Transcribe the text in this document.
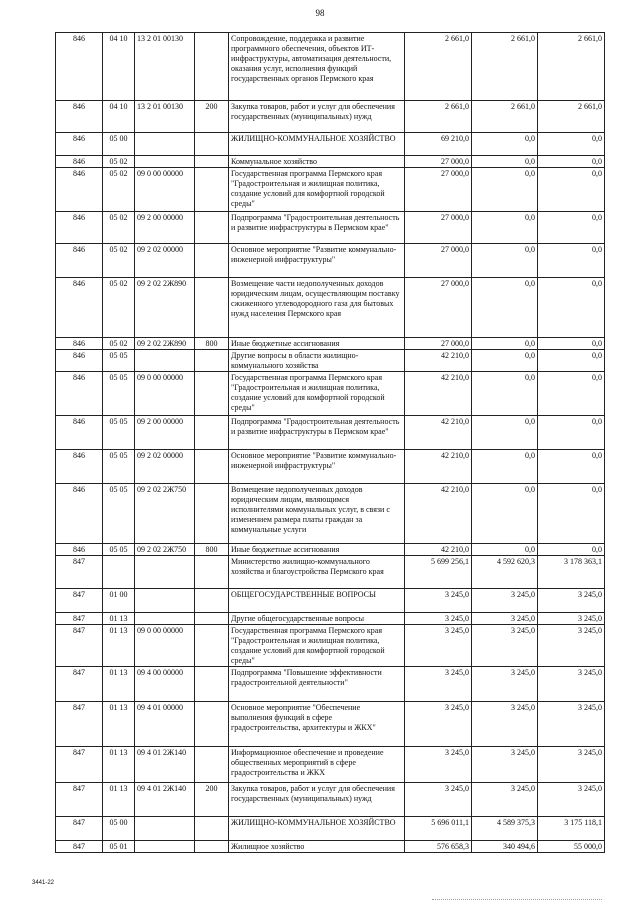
98
846	04 10	13 2 01 00130		Сопровождение, поддержка и развитие программного обеспечения, объектов ИТ-инфраструктуры, автоматизация деятельности, оказания услуг, исполнения функций государственных органов Пермского края	2 661,0	2 661,0	2 661,0
846	04 10	13 2 01 00130	200	Закупка товаров, работ и услуг для обеспечения государственных (муниципальных) нужд	2 661,0	2 661,0	2 661,0
846	05 00			ЖИЛИЩНО-КОММУНАЛЬНОЕ ХОЗЯЙСТВО	69 210,0	0,0	0,0
846	05 02			Коммунальное хозяйство	27 000,0	0,0	0,0
846	05 02	09 0 00 00000		Государственная программа Пермского края "Градостроительная и жилищная политика, создание условий для комфортной городской среды"	27 000,0	0,0	0,0
846	05 02	09 2 00 00000		Подпрограмма "Градостроительная деятельность и развитие инфраструктуры в Пермском крае"	27 000,0	0,0	0,0
846	05 02	09 2 02 00000		Основное мероприятие "Развитие коммунально-инженерной инфраструктуры"	27 000,0	0,0	0,0
846	05 02	09 2 02 2Ж890		Возмещение части недополученных доходов юридическим лицам, осуществляющим поставку сжиженного углеводородного газа для бытовых нужд населения Пермского края	27 000,0	0,0	0,0
846	05 02	09 2 02 2Ж890	800	Иные бюджетные ассигнования	27 000,0	0,0	0,0
846	05 05			Другие вопросы в области жилищно-коммунального хозяйства	42 210,0	0,0	0,0
846	05 05	09 0 00 00000		Государственная программа Пермского края "Градостроительная и жилищная политика, создание условий для комфортной городской среды"	42 210,0	0,0	0,0
846	05 05	09 2 00 00000		Подпрограмма "Градостроительная деятельность и развитие инфраструктуры в Пермском крае"	42 210,0	0,0	0,0
846	05 05	09 2 02 00000		Основное мероприятие "Развитие коммунально-инженерной инфраструктуры"	42 210,0	0,0	0,0
846	05 05	09 2 02 2Ж750		Возмещение недополученных доходов юридическим лицам, являющимся исполнителями коммунальных услуг, в связи с изменением размера платы граждан за коммунальные услуги	42 210,0	0,0	0,0
846	05 05	09 2 02 2Ж750	800	Иные бюджетные ассигнования	42 210,0	0,0	0,0
847				Министерство жилищно-коммунального хозяйства и благоустройства Пермского края	5 699 256,1	4 592 620,3	3 178 363,1
847	01 00			ОБЩЕГОСУДАРСТВЕННЫЕ ВОПРОСЫ	3 245,0	3 245,0	3 245,0
847	01 13			Другие общегосударственные вопросы	3 245,0	3 245,0	3 245,0
847	01 13	09 0 00 00000		Государственная программа Пермского края "Градостроительная и жилищная политика, создание условий для комфортной городской среды"	3 245,0	3 245,0	3 245,0
847	01 13	09 4 00 00000		Подпрограмма "Повышение эффективности градостроительной деятельности"	3 245,0	3 245,0	3 245,0
847	01 13	09 4 01 00000		Основное мероприятие "Обеспечение выполнения функций в сфере градостроительства, архитектуры и ЖКХ"	3 245,0	3 245,0	3 245,0
847	01 13	09 4 01 2Ж140		Информационное обеспечение и проведение общественных мероприятий в сфере градостроительства и ЖКХ	3 245,0	3 245,0	3 245,0
847	01 13	09 4 01 2Ж140	200	Закупка товаров, работ и услуг для обеспечения государственных (муниципальных) нужд	3 245,0	3 245,0	3 245,0
847	05 00			ЖИЛИЩНО-КОММУНАЛЬНОЕ ХОЗЯЙСТВО	5 696 011,1	4 589 375,3	3 175 118,1
847	05 01			Жилищное хозяйство	576 658,3	340 494,6	55 000,0
3441-22
